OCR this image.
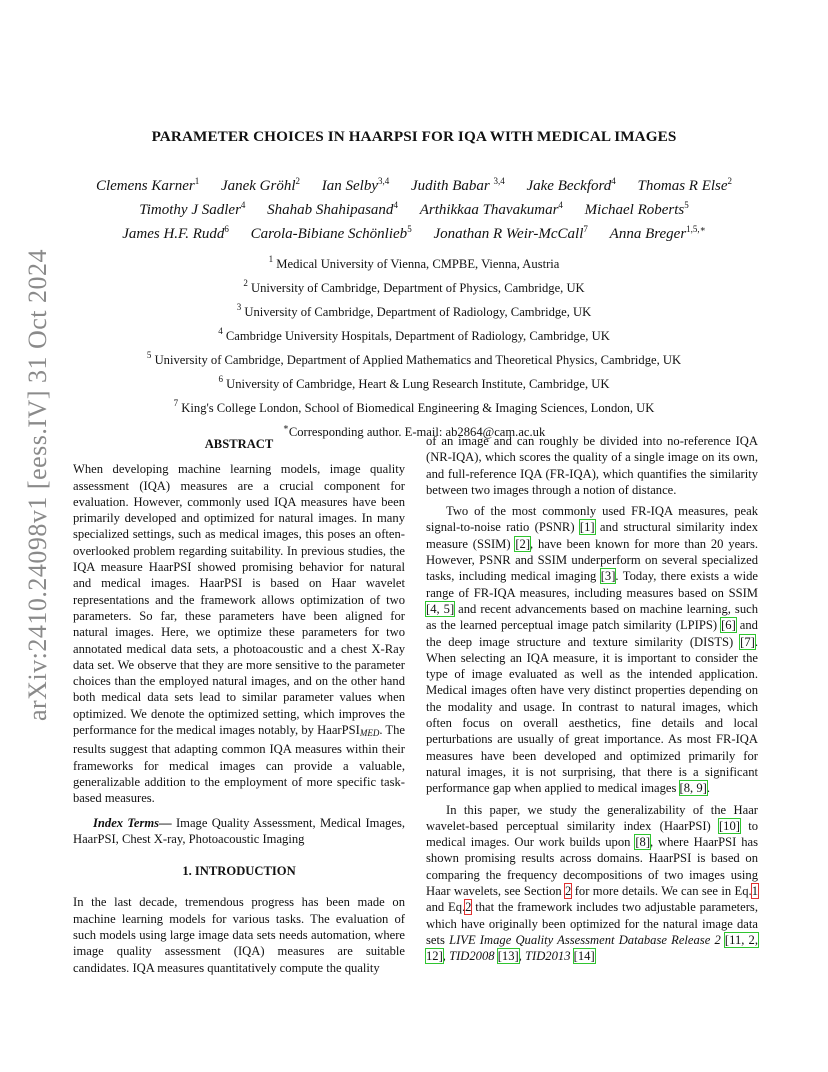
arXiv:2410.24098v1 [eess.IV] 31 Oct 2024
PARAMETER CHOICES IN HAARPSI FOR IQA WITH MEDICAL IMAGES
Clemens Karner$^1$ Janek Gröhl$^2$ Ian Selby$^{3,4}$ Judith Babar $^{3,4}$ Jake Beckford$^4$ Thomas R Else$^2$
Timothy J Sadler$^4$ Shahab Shahipasand$^4$ Arthikkaa Thavakumar$^4$ Michael Roberts$^5$
James H.F. Rudd$^6$ Carola-Bibiane Schönlieb$^5$ Jonathan R Weir-McCall$^7$ Anna Breger$^{1,5,∗}$
$^1$ Medical University of Vienna, CMPBE, Vienna, Austria
$^2$ University of Cambridge, Department of Physics, Cambridge, UK
$^3$ University of Cambridge, Department of Radiology, Cambridge, UK
$^4$ Cambridge University Hospitals, Department of Radiology, Cambridge, UK
$^5$ University of Cambridge, Department of Applied Mathematics and Theoretical Physics, Cambridge, UK
$^6$ University of Cambridge, Heart & Lung Research Institute, Cambridge, UK
$^7$ King's College London, School of Biomedical Engineering & Imaging Sciences, London, UK
∗Corresponding author. E-mail: ab2864@cam.ac.uk
ABSTRACT

When developing machine learning models, image quality assessment (IQA) measures are a crucial component for evaluation. However, commonly used IQA measures have been primarily developed and optimized for natural images. In many specialized settings, such as medical images, this poses an often-overlooked problem regarding suitability. In previous studies, the IQA measure HaarPSI showed promising behavior for natural and medical images. HaarPSI is based on Haar wavelet representations and the framework allows optimization of two parameters. So far, these parameters have been aligned for natural images. Here, we optimize these parameters for two annotated medical data sets, a photoacoustic and a chest X-Ray data set. We observe that they are more sensitive to the parameter choices than the employed natural images, and on the other hand both medical data sets lead to similar parameter values when optimized. We denote the optimized setting, which improves the performance for the medical images notably, by HaarPSI$_{MED}$. The results suggest that adapting common IQA measures within their frameworks for medical images can provide a valuable, generalizable addition to the employment of more specific task-based measures.

Index Terms— Image Quality Assessment, Medical Images, HaarPSI, Chest X-ray, Photoacoustic Imaging

1. INTRODUCTION

In the last decade, tremendous progress has been made on machine learning models for various tasks. The evaluation of such models using large image data sets needs automation, where image quality assessment (IQA) measures are suitable candidates. IQA measures quantitatively compute the quality

of an image and can roughly be divided into no-reference IQA (NR-IQA), which scores the quality of a single image on its own, and full-reference IQA (FR-IQA), which quantifies the similarity between two images through a notion of distance.

Two of the most commonly used FR-IQA measures, peak signal-to-noise ratio (PSNR) [1] and structural similarity index measure (SSIM) [2], have been known for more than 20 years. However, PSNR and SSIM underperform on several specialized tasks, including medical imaging [3]. Today, there exists a wide range of FR-IQA measures, including measures based on SSIM [4, 5] and recent advancements based on machine learning, such as the learned perceptual image patch similarity (LPIPS) [6] and the deep image structure and texture similarity (DISTS) [7]. When selecting an IQA measure, it is important to consider the type of image evaluated as well as the intended application. Medical images often have very distinct properties depending on the modality and usage. In contrast to natural images, which often focus on overall aesthetics, fine details and local perturbations are usually of great importance. As most FR-IQA measures have been developed and optimized primarily for natural images, it is not surprising, that there is a significant performance gap when applied to medical images [8, 9].

In this paper, we study the generalizability of the Haar wavelet-based perceptual similarity index (HaarPSI) [10] to medical images. Our work builds upon [8], where HaarPSI has shown promising results across domains. HaarPSI is based on comparing the frequency decompositions of two images using Haar wavelets, see Section 2 for more details. We can see in Eq.1 and Eq.2 that the framework includes two adjustable parameters, which have originally been optimized for the natural image data sets LIVE Image Quality Assessment Database Release 2 [11, 2, 12], TID2008 [13], TID2013 [14]
